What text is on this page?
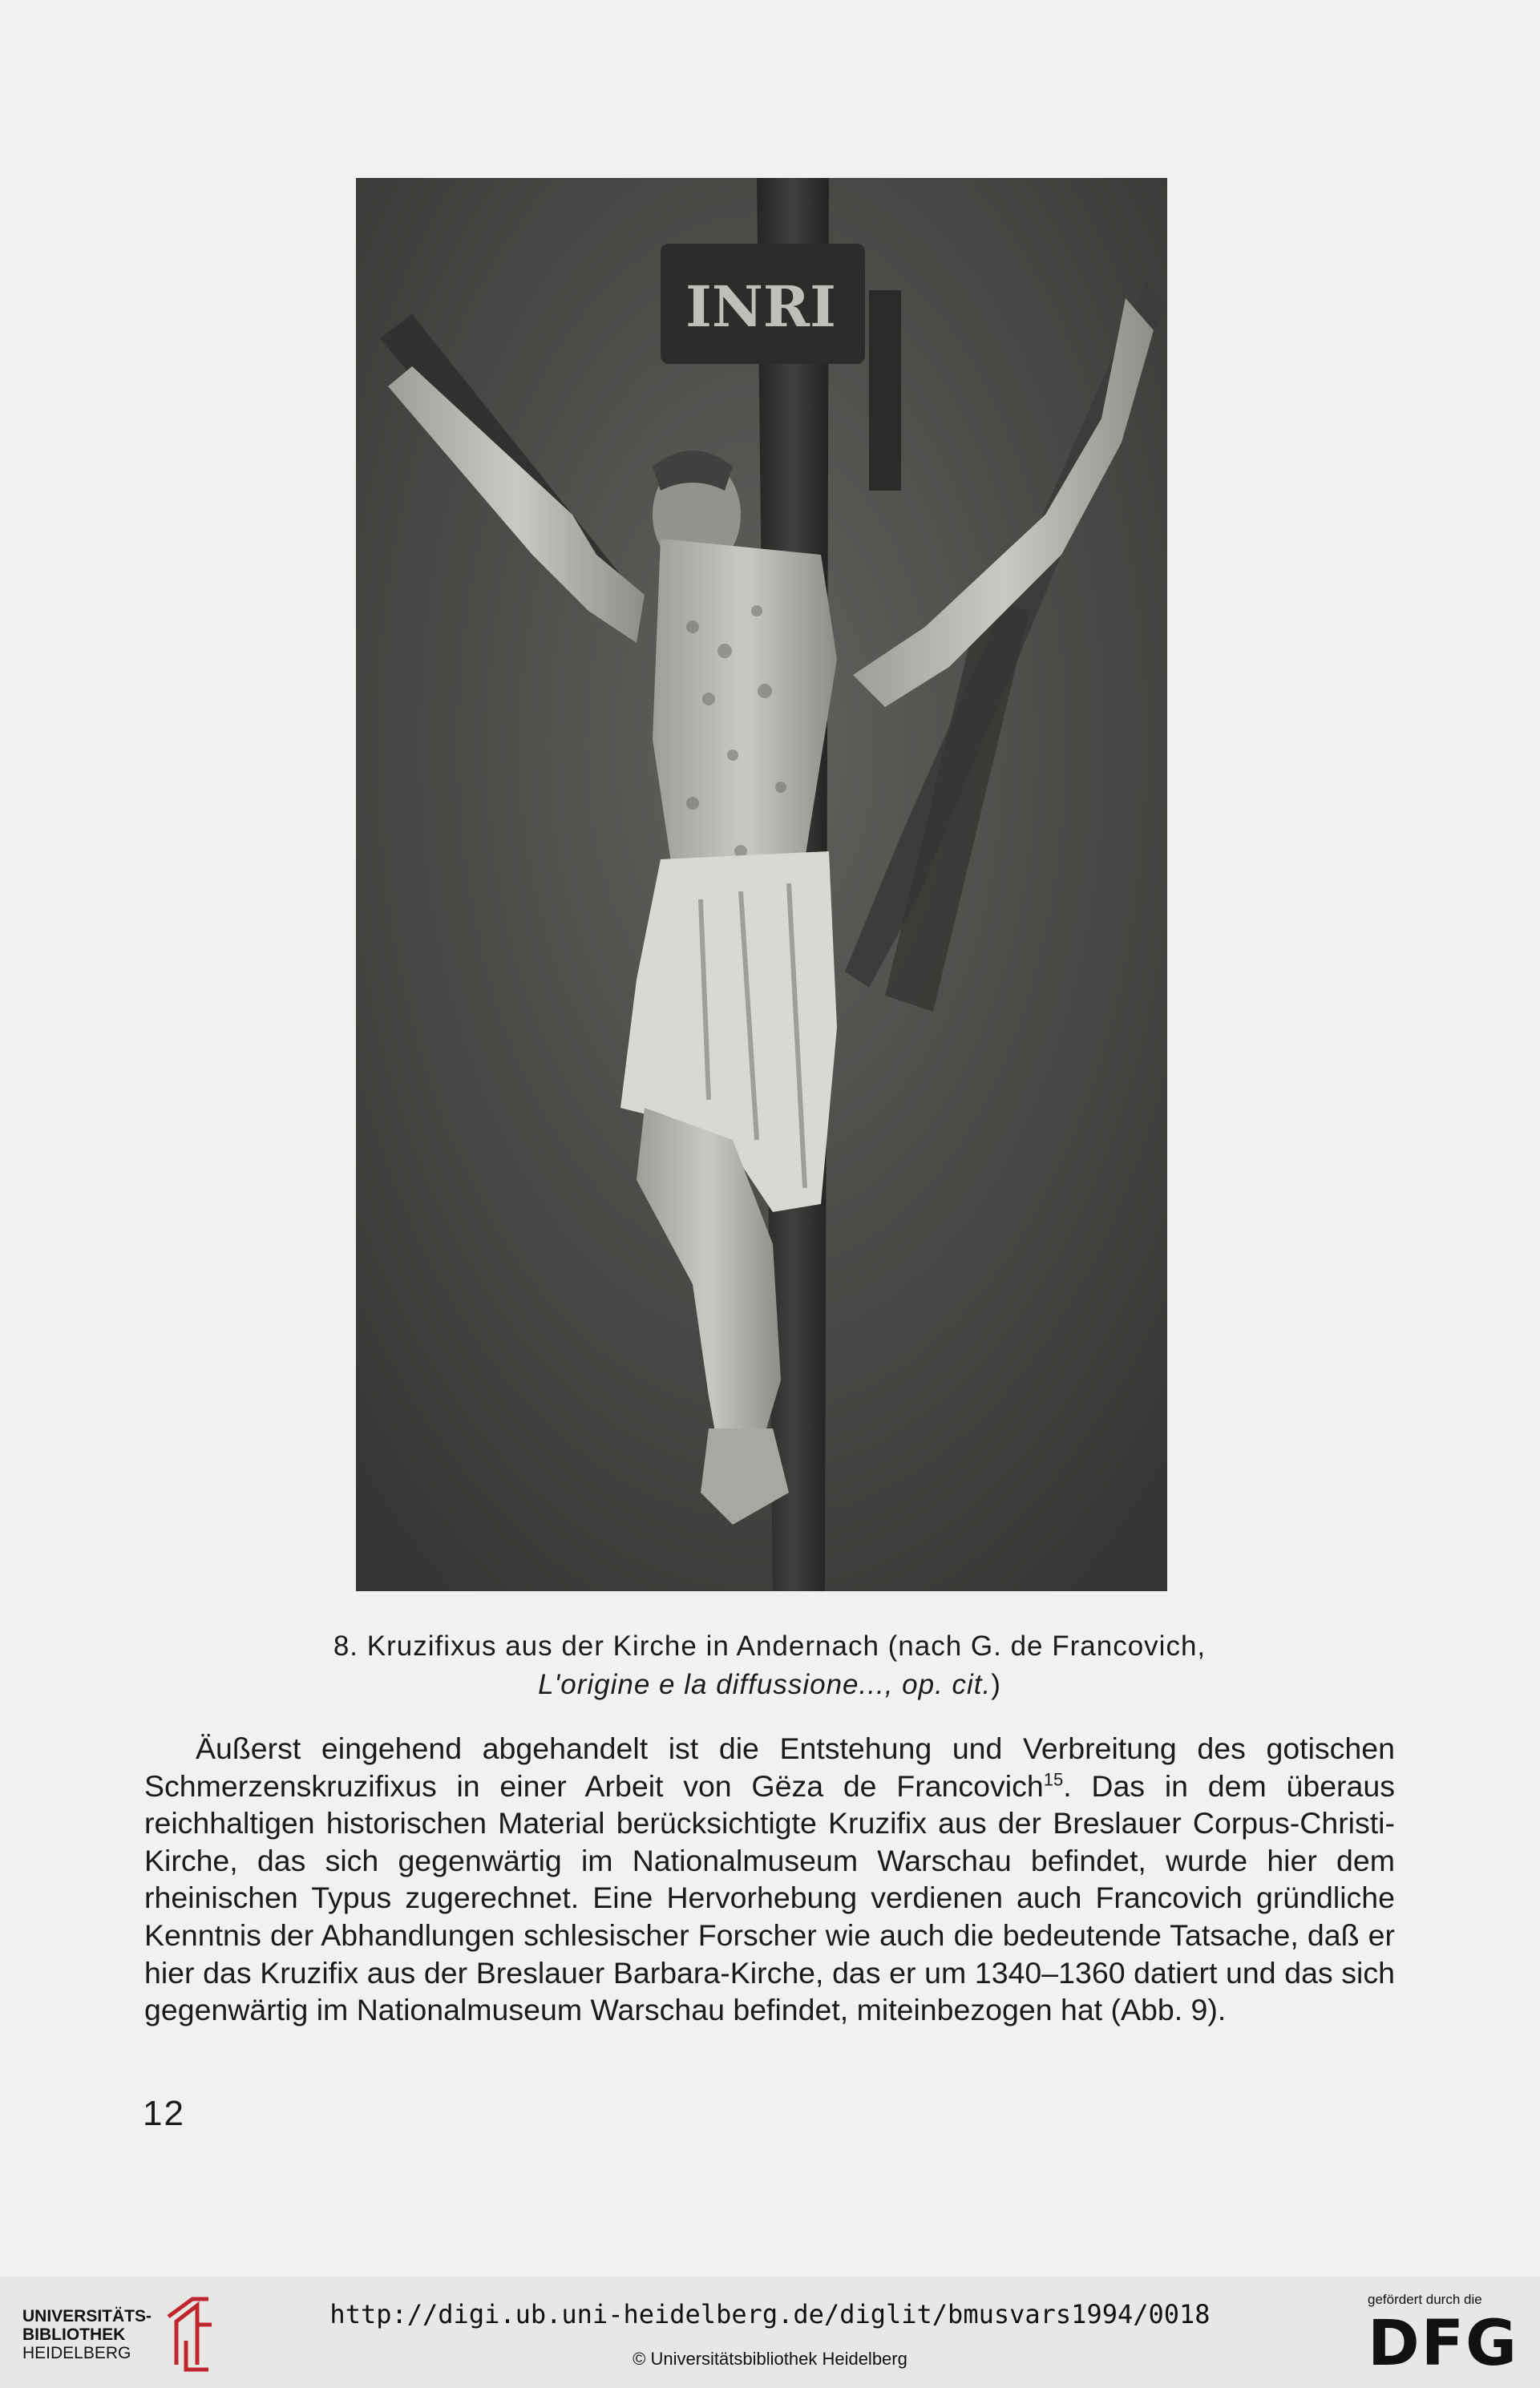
INRI
8. Kruzifixus aus der Kirche in Andernach (nach G. de Francovich,
L'origine e la diffussione..., op. cit.)

Äußerst eingehend abgehandelt ist die Entstehung und Verbreitung des gotischen Schmerzenskruzifixus in einer Arbeit von Gëza de Francovich$^{15}$. Das in dem überaus reichhaltigen historischen Material berücksichtigte Kruzifix aus der Breslauer Corpus-Christi-Kirche, das sich gegenwärtig im Nationalmuseum Warschau befindet, wurde hier dem rheinischen Typus zugerechnet. Eine Hervorhebung verdienen auch Francovich gründliche Kenntnis der Abhandlungen schlesischer Forscher wie auch die bedeutende Tatsache, daß er hier das Kruzifix aus der Breslauer Barbara-Kirche, das er um 1340–1360 datiert und das sich gegenwärtig im Nationalmuseum Warschau befindet, miteinbezogen hat (Abb. 9).

12
UNIVERSITÄTS-
BIBLIOTHEK
HEIDELBERG
http://digi.ub.uni-heidelberg.de/diglit/bmusvars1994/0018
© Universitätsbibliothek Heidelberg
gefördert durch die
DFG
